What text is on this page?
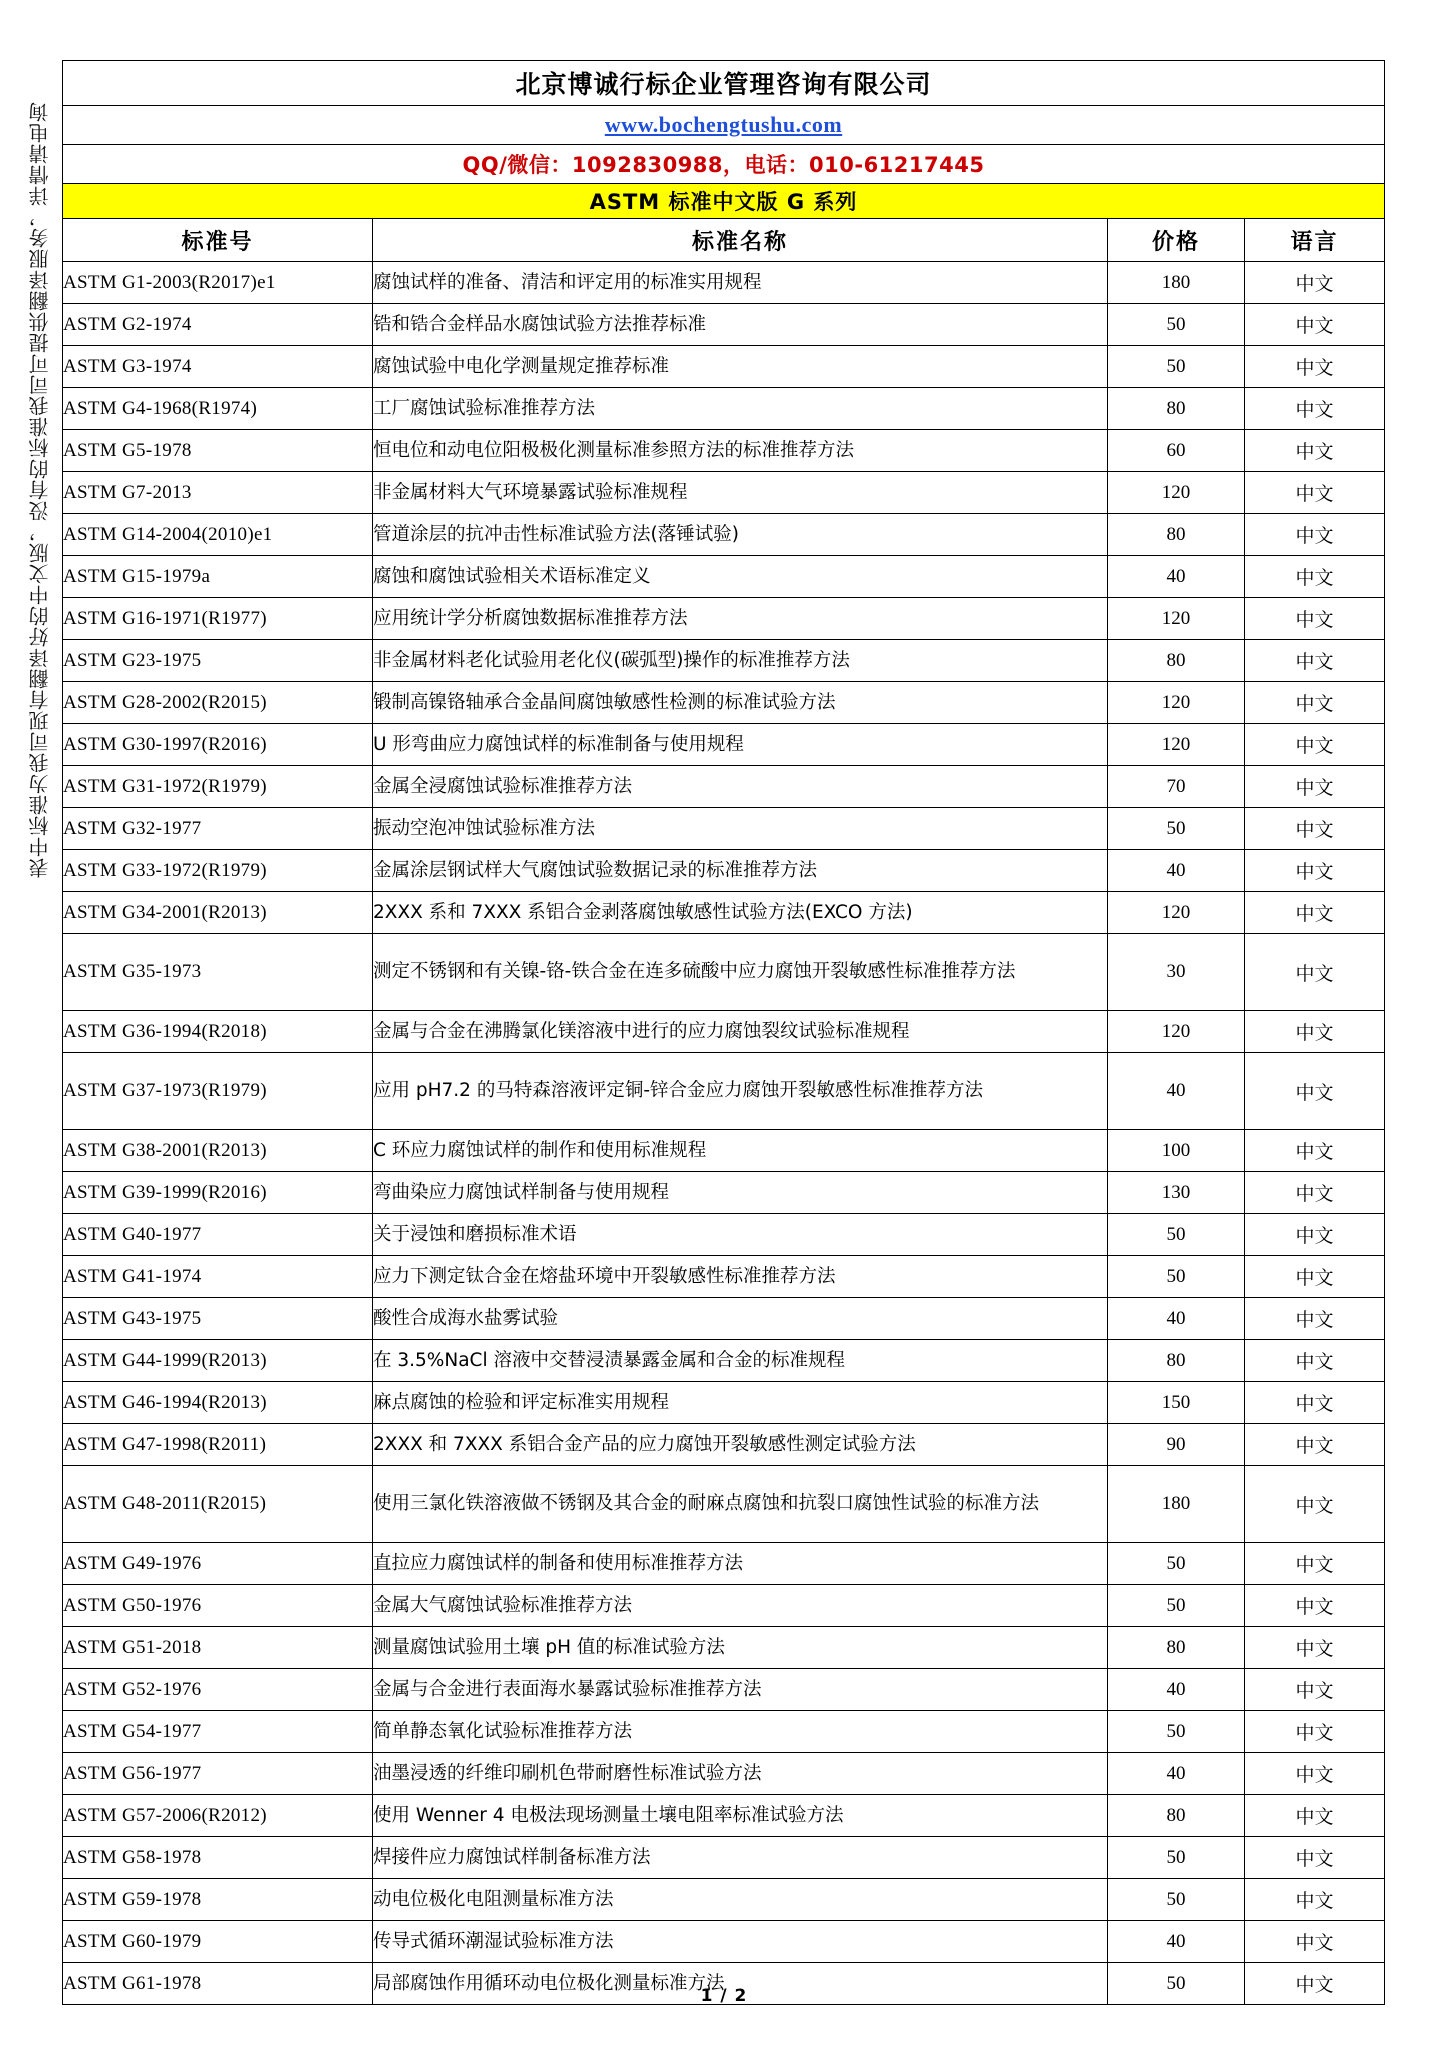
表中标准为我司现有翻译好的中文版，没有的标准我司可提供翻译服务，详情请电询
北京博诚行标企业管理咨询有限公司			
www.bochengtushu.com			
QQ/微信：1092830988，电话：010-61217445			
ASTM 标准中文版 G 系列			
标准号	标准名称	价格	语言
ASTM G1-2003(R2017)e1	腐蚀试样的准备、清洁和评定用的标准实用规程	180	中文
ASTM G2-1974	锆和锆合金样品水腐蚀试验方法推荐标准	50	中文
ASTM G3-1974	腐蚀试验中电化学测量规定推荐标准	50	中文
ASTM G4-1968(R1974)	工厂腐蚀试验标准推荐方法	80	中文
ASTM G5-1978	恒电位和动电位阳极极化测量标准参照方法的标准推荐方法	60	中文
ASTM G7-2013	非金属材料大气环境暴露试验标准规程	120	中文
ASTM G14-2004(2010)e1	管道涂层的抗冲击性标准试验方法(落锤试验)	80	中文
ASTM G15-1979a	腐蚀和腐蚀试验相关术语标准定义	40	中文
ASTM G16-1971(R1977)	应用统计学分析腐蚀数据标准推荐方法	120	中文
ASTM G23-1975	非金属材料老化试验用老化仪(碳弧型)操作的标准推荐方法	80	中文
ASTM G28-2002(R2015)	锻制高镍铬轴承合金晶间腐蚀敏感性检测的标准试验方法	120	中文
ASTM G30-1997(R2016)	U 形弯曲应力腐蚀试样的标准制备与使用规程	120	中文
ASTM G31-1972(R1979)	金属全浸腐蚀试验标准推荐方法	70	中文
ASTM G32-1977	振动空泡冲蚀试验标准方法	50	中文
ASTM G33-1972(R1979)	金属涂层钢试样大气腐蚀试验数据记录的标准推荐方法	40	中文
ASTM G34-2001(R2013)	2XXX 系和 7XXX 系铝合金剥落腐蚀敏感性试验方法(EXCO 方法)	120	中文
ASTM G35-1973	测定不锈钢和有关镍-铬-铁合金在连多硫酸中应力腐蚀开裂敏感性标准推荐方法	30	中文
ASTM G36-1994(R2018)	金属与合金在沸腾氯化镁溶液中进行的应力腐蚀裂纹试验标准规程	120	中文
ASTM G37-1973(R1979)	应用 pH7.2 的马特森溶液评定铜-锌合金应力腐蚀开裂敏感性标准推荐方法	40	中文
ASTM G38-2001(R2013)	C 环应力腐蚀试样的制作和使用标准规程	100	中文
ASTM G39-1999(R2016)	弯曲染应力腐蚀试样制备与使用规程	130	中文
ASTM G40-1977	关于浸蚀和磨损标准术语	50	中文
ASTM G41-1974	应力下测定钛合金在熔盐环境中开裂敏感性标准推荐方法	50	中文
ASTM G43-1975	酸性合成海水盐雾试验	40	中文
ASTM G44-1999(R2013)	在 3.5%NaCl 溶液中交替浸渍暴露金属和合金的标准规程	80	中文
ASTM G46-1994(R2013)	麻点腐蚀的检验和评定标准实用规程	150	中文
ASTM G47-1998(R2011)	2XXX 和 7XXX 系铝合金产品的应力腐蚀开裂敏感性测定试验方法	90	中文
ASTM G48-2011(R2015)	使用三氯化铁溶液做不锈钢及其合金的耐麻点腐蚀和抗裂口腐蚀性试验的标准方法	180	中文
ASTM G49-1976	直拉应力腐蚀试样的制备和使用标准推荐方法	50	中文
ASTM G50-1976	金属大气腐蚀试验标准推荐方法	50	中文
ASTM G51-2018	测量腐蚀试验用土壤 pH 值的标准试验方法	80	中文
ASTM G52-1976	金属与合金进行表面海水暴露试验标准推荐方法	40	中文
ASTM G54-1977	简单静态氧化试验标准推荐方法	50	中文
ASTM G56-1977	油墨浸透的纤维印刷机色带耐磨性标准试验方法	40	中文
ASTM G57-2006(R2012)	使用 Wenner 4 电极法现场测量土壤电阻率标准试验方法	80	中文
ASTM G58-1978	焊接件应力腐蚀试样制备标准方法	50	中文
ASTM G59-1978	动电位极化电阻测量标准方法	50	中文
ASTM G60-1979	传导式循环潮湿试验标准方法	40	中文
ASTM G61-1978	局部腐蚀作用循环动电位极化测量标准方法	50	中文
1 / 2
